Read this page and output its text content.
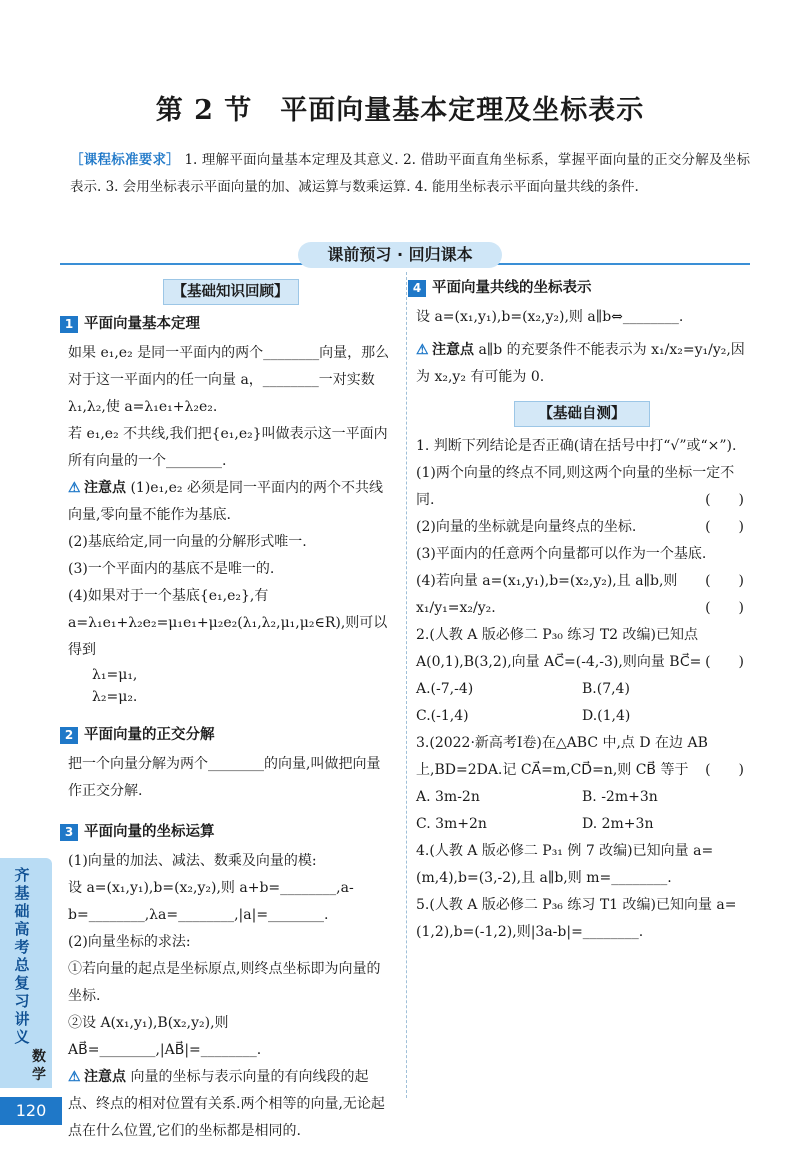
第 2 节　平面向量基本定理及坐标表示
［课程标准要求］ 1. 理解平面向量基本定理及其意义. 2. 借助平面直角坐标系，掌握平面向量的正交分解及坐标表示. 3. 会用坐标表示平面向量的加、减运算与数乘运算. 4. 能用坐标表示平面向量共线的条件.
课前预习 · 回归课本
【基础知识回顾】
1 平面向量基本定理
如果 e₁,e₂ 是同一平面内的两个________向量，那么对于这一平面内的任一向量 a，________一对实数 λ₁,λ₂,使 a=λ₁e₁+λ₂e₂.
若 e₁,e₂ 不共线,我们把{e₁,e₂}叫做表示这一平面内所有向量的一个________.
⚠ 注意点 (1)e₁,e₂ 必须是同一平面内的两个不共线向量,零向量不能作为基底.
(2)基底给定,同一向量的分解形式唯一.
(3)一个平面内的基底不是唯一的.
(4)如果对于一个基底{e₁,e₂},有 a=λ₁e₁+λ₂e₂=μ₁e₁+μ₂e₂(λ₁,λ₂,μ₁,μ₂∈R),则可以得到
λ₁=μ₁,
λ₂=μ₂.
2 平面向量的正交分解
把一个向量分解为两个________的向量,叫做把向量作正交分解.
3 平面向量的坐标运算
(1)向量的加法、减法、数乘及向量的模:
设 a=(x₁,y₁),b=(x₂,y₂),则 a+b=________,a-b=________,λa=________,|a|=________.
(2)向量坐标的求法:
①若向量的起点是坐标原点,则终点坐标即为向量的坐标.
②设 A(x₁,y₁),B(x₂,y₂),则 AB⃗=________,|AB⃗|=________.
⚠ 注意点 向量的坐标与表示向量的有向线段的起点、终点的相对位置有关系.两个相等的向量,无论起点在什么位置,它们的坐标都是相同的.
4 平面向量共线的坐标表示
设 a=(x₁,y₁),b=(x₂,y₂),则 a∥b⇔________.
⚠ 注意点 a∥b 的充要条件不能表示为 x₁/x₂=y₁/y₂,因为 x₂,y₂ 有可能为 0.
【基础自测】
1. 判断下列结论是否正确(请在括号中打“√”或“×”).
(1)两个向量的终点不同,则这两个向量的坐标一定不同.	(　　)
(2)向量的坐标就是向量终点的坐标.	(　　)
(3)平面内的任意两个向量都可以作为一个基底.
(　　)
(4)若向量 a=(x₁,y₁),b=(x₂,y₂),且 a∥b,则 x₁/y₁=x₂/y₂.	(　　)
2.(人教 A 版必修二 P₃₀ 练习 T2 改编)已知点 A(0,1),B(3,2),向量 AC⃗=(-4,-3),则向量 BC⃗= (　　)
A.(-7,-4)	B.(7,4)
C.(-1,4)	D.(1,4)
3.(2022·新高考Ⅰ卷)在△ABC 中,点 D 在边 AB 上,BD=2DA.记 CA⃗=m,CD⃗=n,则 CB⃗ 等于 (　　)
A. 3m-2n	B. -2m+3n
C. 3m+2n	D. 2m+3n
4.(人教 A 版必修二 P₃₁ 例 7 改编)已知向量 a=(m,4),b=(3,-2),且 a∥b,则 m=________.
5.(人教 A 版必修二 P₃₆ 练习 T1 改编)已知向量 a=(1,2),b=(-1,2),则|3a-b|=________.
齐基础高考总复习讲义
数学
120
